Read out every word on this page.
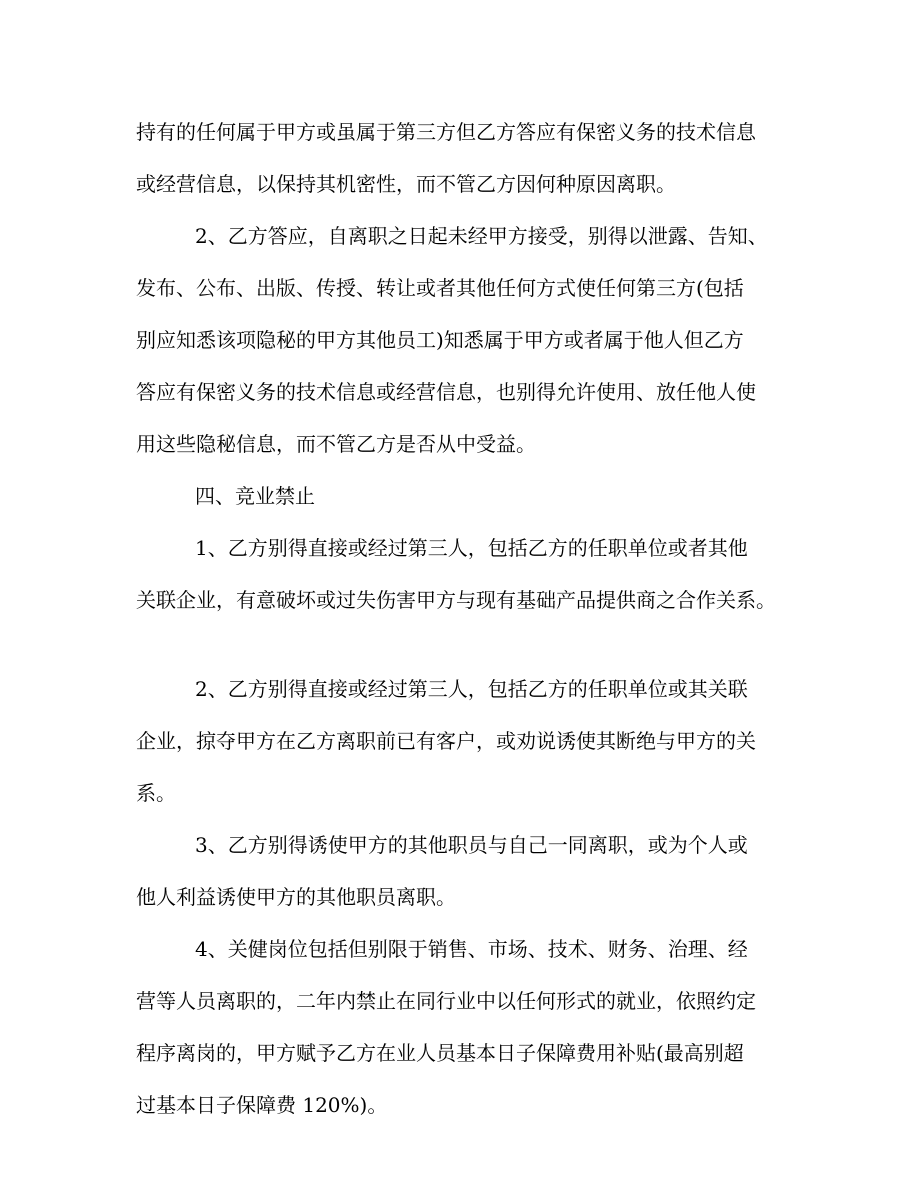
持有的任何属于甲方或虽属于第三方但乙方答应有保密义务的技术信息
或经营信息，以保持其机密性，而不管乙方因何种原因离职。
2、乙方答应，自离职之日起未经甲方接受，别得以泄露、告知、
发布、公布、出版、传授、转让或者其他任何方式使任何第三方(包括
别应知悉该项隐秘的甲方其他员工)知悉属于甲方或者属于他人但乙方
答应有保密义务的技术信息或经营信息，也别得允许使用、放任他人使
用这些隐秘信息，而不管乙方是否从中受益。
四、竞业禁止
1、乙方别得直接或经过第三人，包括乙方的任职单位或者其他
关联企业，有意破坏或过失伤害甲方与现有基础产品提供商之合作关系。
2、乙方别得直接或经过第三人，包括乙方的任职单位或其关联
企业，掠夺甲方在乙方离职前已有客户，或劝说诱使其断绝与甲方的关
系。
3、乙方别得诱使甲方的其他职员与自己一同离职，或为个人或
他人利益诱使甲方的其他职员离职。
4、关健岗位包括但别限于销售、市场、技术、财务、治理、经
营等人员离职的，二年内禁止在同行业中以任何形式的就业，依照约定
程序离岗的，甲方赋予乙方在业人员基本日子保障费用补贴(最高别超
过基本日子保障费 120%)。
